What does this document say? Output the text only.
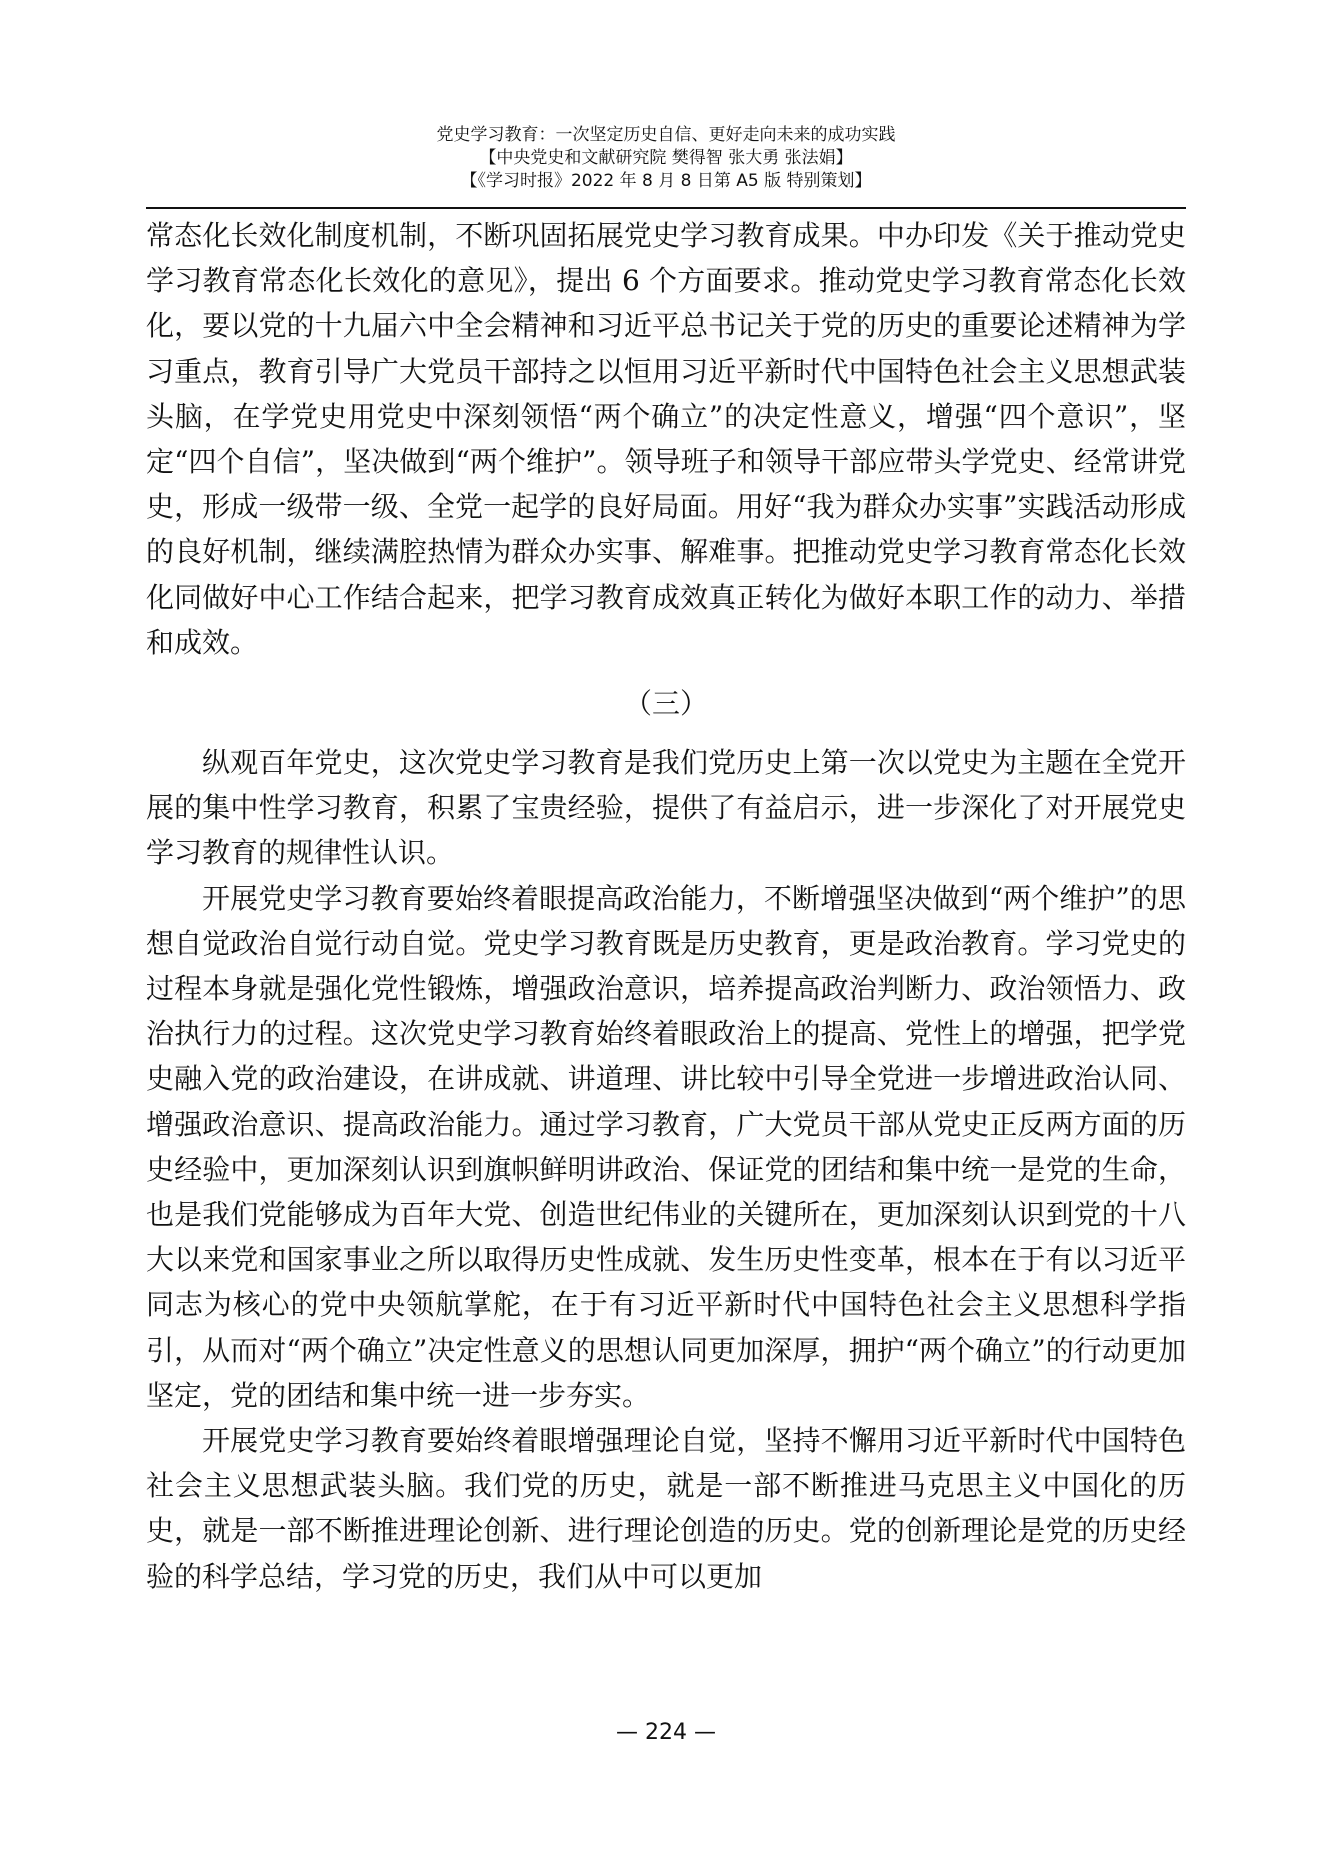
党史学习教育：一次坚定历史自信、更好走向未来的成功实践
【中央党史和文献研究院 樊得智 张大勇 张法娟】
【《学习时报》2022 年 8 月 8 日第 A5 版 特别策划】

常态化长效化制度机制，不断巩固拓展党史学习教育成果。中办印发《关于推动党史学习教育常态化长效化的意见》，提出 6 个方面要求。推动党史学习教育常态化长效化，要以党的十九届六中全会精神和习近平总书记关于党的历史的重要论述精神为学习重点，教育引导广大党员干部持之以恒用习近平新时代中国特色社会主义思想武装头脑，在学党史用党史中深刻领悟“两个确立”的决定性意义，增强“四个意识”，坚定“四个自信”，坚决做到“两个维护”。领导班子和领导干部应带头学党史、经常讲党史，形成一级带一级、全党一起学的良好局面。用好“我为群众办实事”实践活动形成的良好机制，继续满腔热情为群众办实事、解难事。把推动党史学习教育常态化长效化同做好中心工作结合起来，把学习教育成效真正转化为做好本职工作的动力、举措和成效。

（三）

纵观百年党史，这次党史学习教育是我们党历史上第一次以党史为主题在全党开展的集中性学习教育，积累了宝贵经验，提供了有益启示，进一步深化了对开展党史学习教育的规律性认识。

开展党史学习教育要始终着眼提高政治能力，不断增强坚决做到“两个维护”的思想自觉政治自觉行动自觉。党史学习教育既是历史教育，更是政治教育。学习党史的过程本身就是强化党性锻炼，增强政治意识，培养提高政治判断力、政治领悟力、政治执行力的过程。这次党史学习教育始终着眼政治上的提高、党性上的增强，把学党史融入党的政治建设，在讲成就、讲道理、讲比较中引导全党进一步增进政治认同、增强政治意识、提高政治能力。通过学习教育，广大党员干部从党史正反两方面的历史经验中，更加深刻认识到旗帜鲜明讲政治、保证党的团结和集中统一是党的生命，也是我们党能够成为百年大党、创造世纪伟业的关键所在，更加深刻认识到党的十八大以来党和国家事业之所以取得历史性成就、发生历史性变革，根本在于有以习近平同志为核心的党中央领航掌舵，在于有习近平新时代中国特色社会主义思想科学指引，从而对“两个确立”决定性意义的思想认同更加深厚，拥护“两个确立”的行动更加坚定，党的团结和集中统一进一步夯实。

开展党史学习教育要始终着眼增强理论自觉，坚持不懈用习近平新时代中国特色社会主义思想武装头脑。我们党的历史，就是一部不断推进马克思主义中国化的历史，就是一部不断推进理论创新、进行理论创造的历史。党的创新理论是党的历史经验的科学总结，学习党的历史，我们从中可以更加

— 224 —
